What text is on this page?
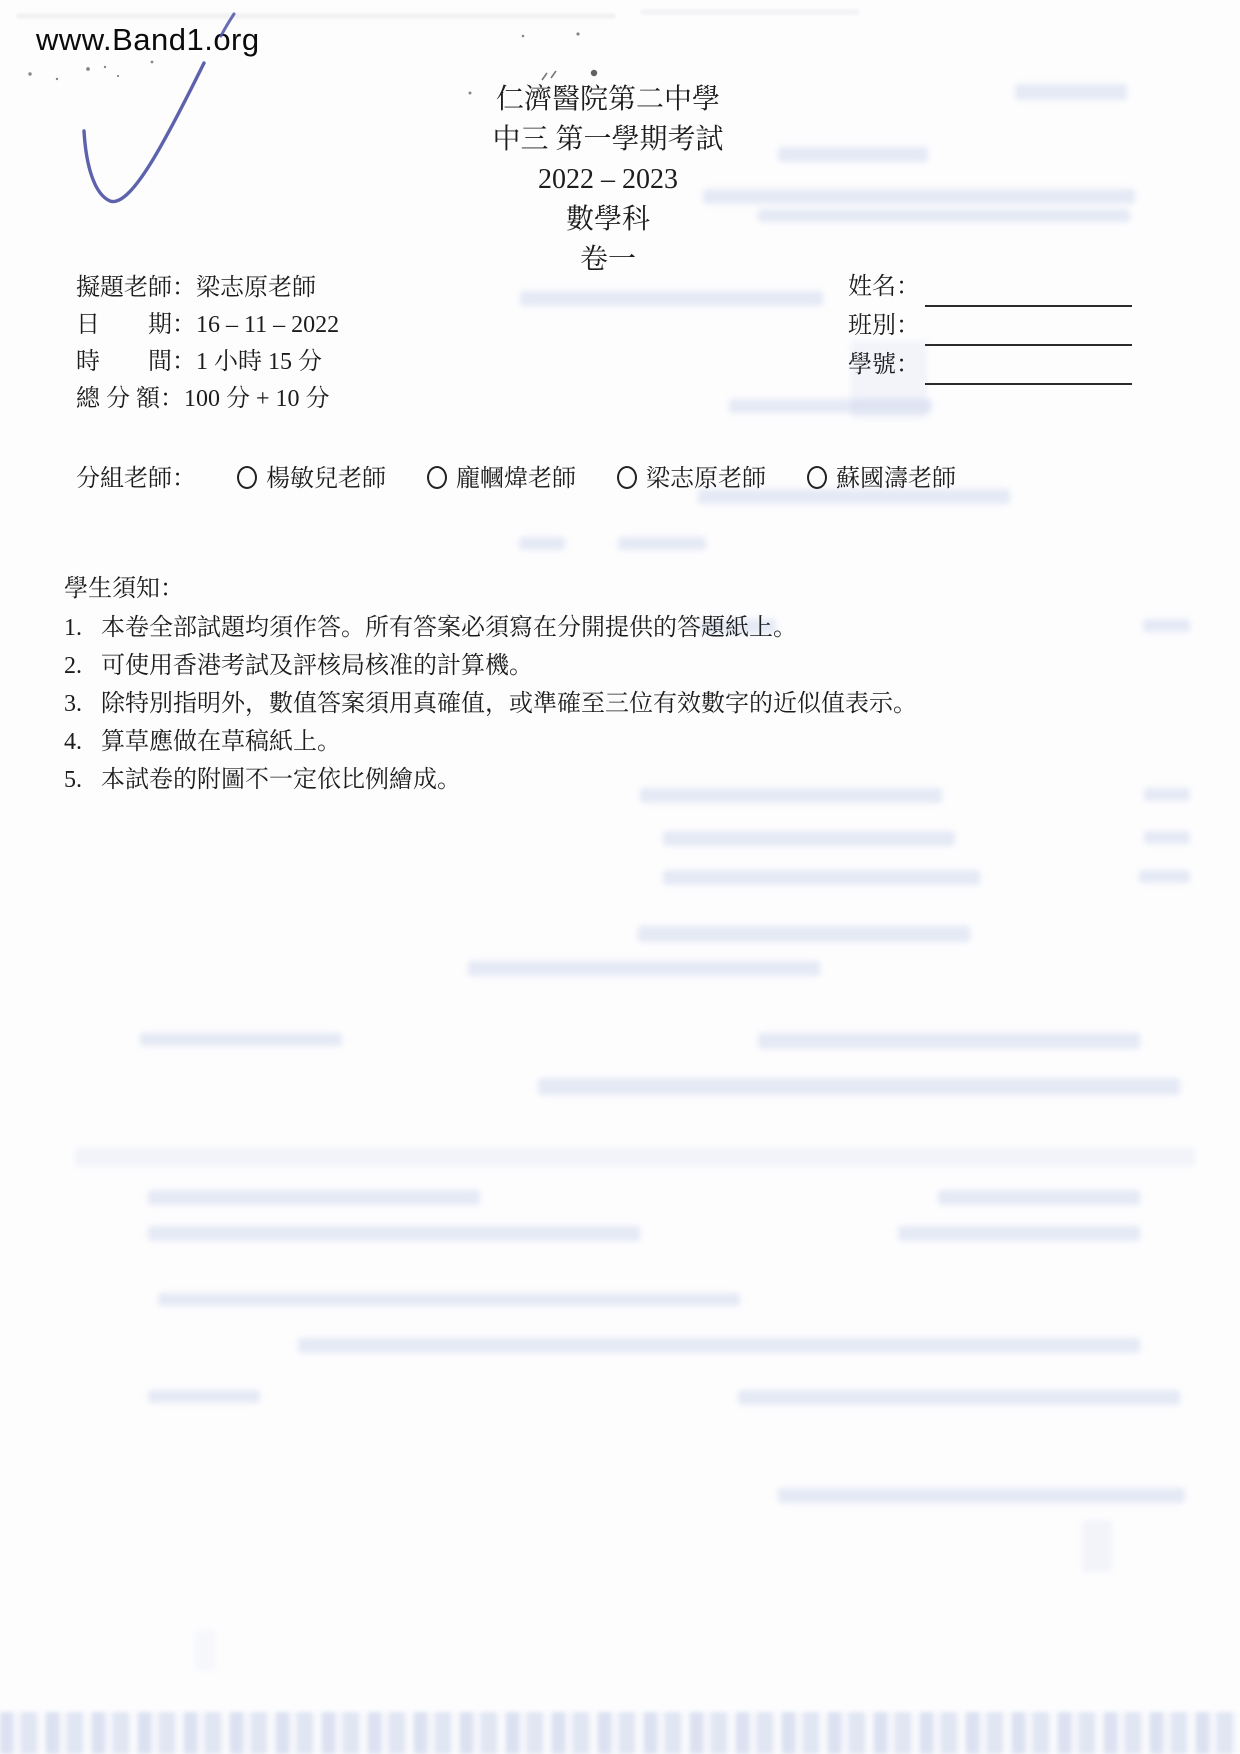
www.Band1.org
仁濟醫院第二中學
中三 第一學期考試
2022 – 2023
數學科
卷一
擬題老師：梁志原老師
日　　期：16 – 11 – 2022
時　　間：1 小時 15 分
總 分 額：100 分 + 10 分
姓名：
班別：
學號：
分組老師：	楊敏兒老師	龐幗煒老師	梁志原老師	蘇國濤老師
學生須知：
1. 本卷全部試題均須作答。所有答案必須寫在分開提供的答題紙上。
2. 可使用香港考試及評核局核准的計算機。
3. 除特別指明外，數值答案須用真確值，或準確至三位有效數字的近似值表示。
4. 算草應做在草稿紙上。
5. 本試卷的附圖不一定依比例繪成。
